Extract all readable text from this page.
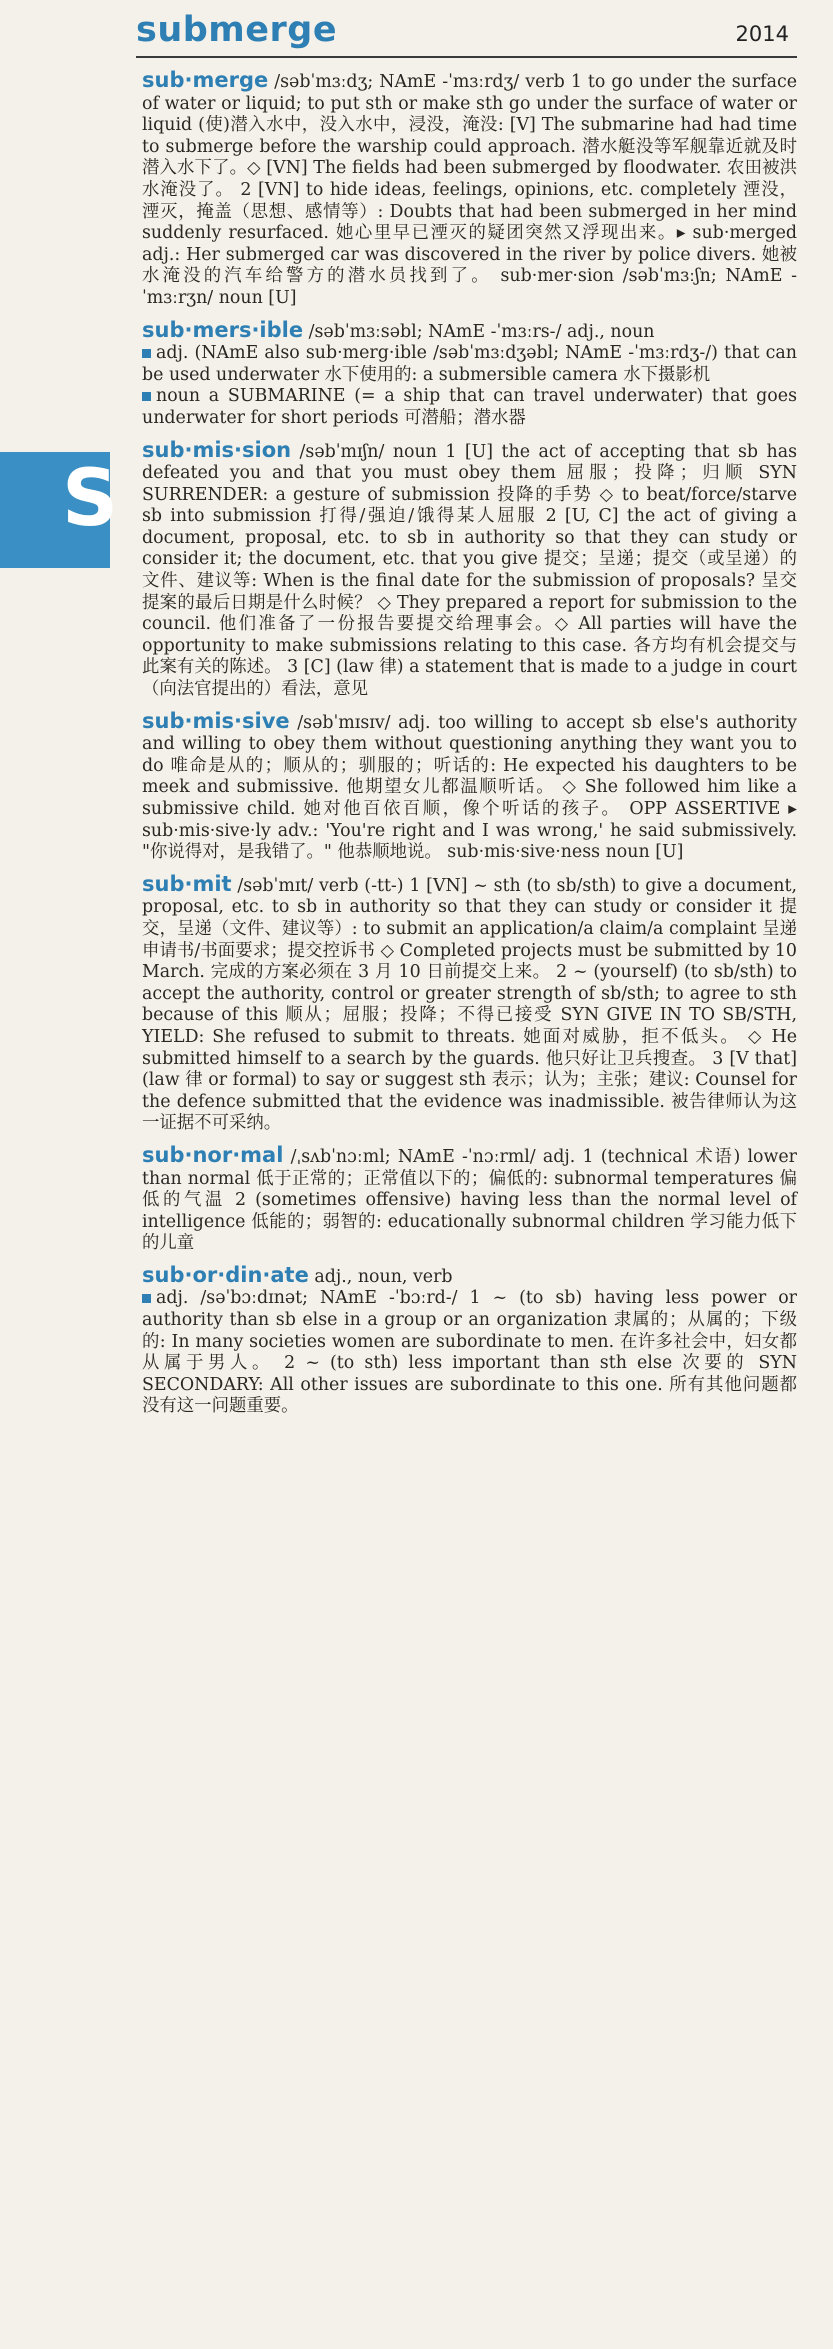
submerge	2014
S
sub·merge /səbˈmɜːdʒ; NAmE -ˈmɜːrdʒ/ verb 1 to go under the surface of water or liquid; to put sth or make sth go under the surface of water or liquid (使)潜入水中，没入水中，浸没，淹没: [V] The submarine had had time to submerge before the warship could approach. 潜水艇没等军舰靠近就及时潜入水下了。◇ [VN] The fields had been submerged by floodwater. 农田被洪水淹没了。 2 [VN] to hide ideas, feelings, opinions, etc. completely 湮没，湮灭，掩盖（思想、感情等）: Doubts that had been submerged in her mind suddenly resurfaced. 她心里早已湮灭的疑团突然又浮现出来。▸ sub·merged adj.: Her submerged car was discovered in the river by police divers. 她被水淹没的汽车给警方的潜水员找到了。 sub·mer·sion /səbˈmɜːʃn; NAmE -ˈmɜːrʒn/ noun [U]

sub·mers·ible /səbˈmɜːsəbl; NAmE -ˈmɜːrs-/ adj., noun

adj. (NAmE also sub·merg·ible /səbˈmɜːdʒəbl; NAmE -ˈmɜːrdʒ-/) that can be used underwater 水下使用的: a submersible camera 水下摄影机

noun a SUBMARINE (= a ship that can travel underwater) that goes underwater for short periods 可潜船；潜水器

sub·mis·sion /səbˈmɪʃn/ noun 1 [U] the act of accepting that sb has defeated you and that you must obey them 屈服；投降；归顺 SYN SURRENDER: a gesture of submission 投降的手势 ◇ to beat/force/starve sb into submission 打得/强迫/饿得某人屈服 2 [U, C] the act of giving a document, proposal, etc. to sb in authority so that they can study or consider it; the document, etc. that you give 提交；呈递；提交（或呈递）的文件、建议等: When is the final date for the submission of proposals? 呈交提案的最后日期是什么时候？ ◇ They prepared a report for submission to the council. 他们准备了一份报告要提交给理事会。◇ All parties will have the opportunity to make submissions relating to this case. 各方均有机会提交与此案有关的陈述。 3 [C] (law 律) a statement that is made to a judge in court（向法官提出的）看法，意见
sub·mis·sive /səbˈmɪsɪv/ adj. too willing to accept sb else's authority and willing to obey them without questioning anything they want you to do 唯命是从的；顺从的；驯服的；听话的: He expected his daughters to be meek and submissive. 他期望女儿都温顺听话。 ◇ She followed him like a submissive child. 她对他百依百顺，像个听话的孩子。 OPP ASSERTIVE ▸ sub·mis·sive·ly adv.: 'You're right and I was wrong,' he said submissively. "你说得对，是我错了。" 他恭顺地说。 sub·mis·sive·ness noun [U]
sub·mit /səbˈmɪt/ verb (-tt-) 1 [VN] ~ sth (to sb/sth) to give a document, proposal, etc. to sb in authority so that they can study or consider it 提交，呈递（文件、建议等）: to submit an application/a claim/a complaint 呈递申请书/书面要求；提交控诉书 ◇ Completed projects must be submitted by 10 March. 完成的方案必须在 3 月 10 日前提交上来。 2 ~ (yourself) (to sb/sth) to accept the authority, control or greater strength of sb/sth; to agree to sth because of this 顺从；屈服；投降；不得已接受 SYN GIVE IN TO SB/STH, YIELD: She refused to submit to threats. 她面对威胁，拒不低头。 ◇ He submitted himself to a search by the guards. 他只好让卫兵搜查。 3 [V that] (law 律 or formal) to say or suggest sth 表示；认为；主张；建议: Counsel for the defence submitted that the evidence was inadmissible. 被告律师认为这一证据不可采纳。
sub·nor·mal /ˌsʌbˈnɔːml; NAmE -ˈnɔːrml/ adj. 1 (technical 术语) lower than normal 低于正常的；正常值以下的；偏低的: subnormal temperatures 偏低的气温 2 (sometimes offensive) having less than the normal level of intelligence 低能的；弱智的: educationally subnormal children 学习能力低下的儿童

sub·or·din·ate adj., noun, verb

adj. /səˈbɔːdɪnət; NAmE -ˈbɔːrd-/ 1 ~ (to sb) having less power or authority than sb else in a group or an organization 隶属的；从属的；下级的: In many societies women are subordinate to men. 在许多社会中，妇女都从属于男人。 2 ~ (to sth) less important than sth else 次要的 SYN SECONDARY: All other issues are subordinate to this one. 所有其他问题都没有这一问题重要。
